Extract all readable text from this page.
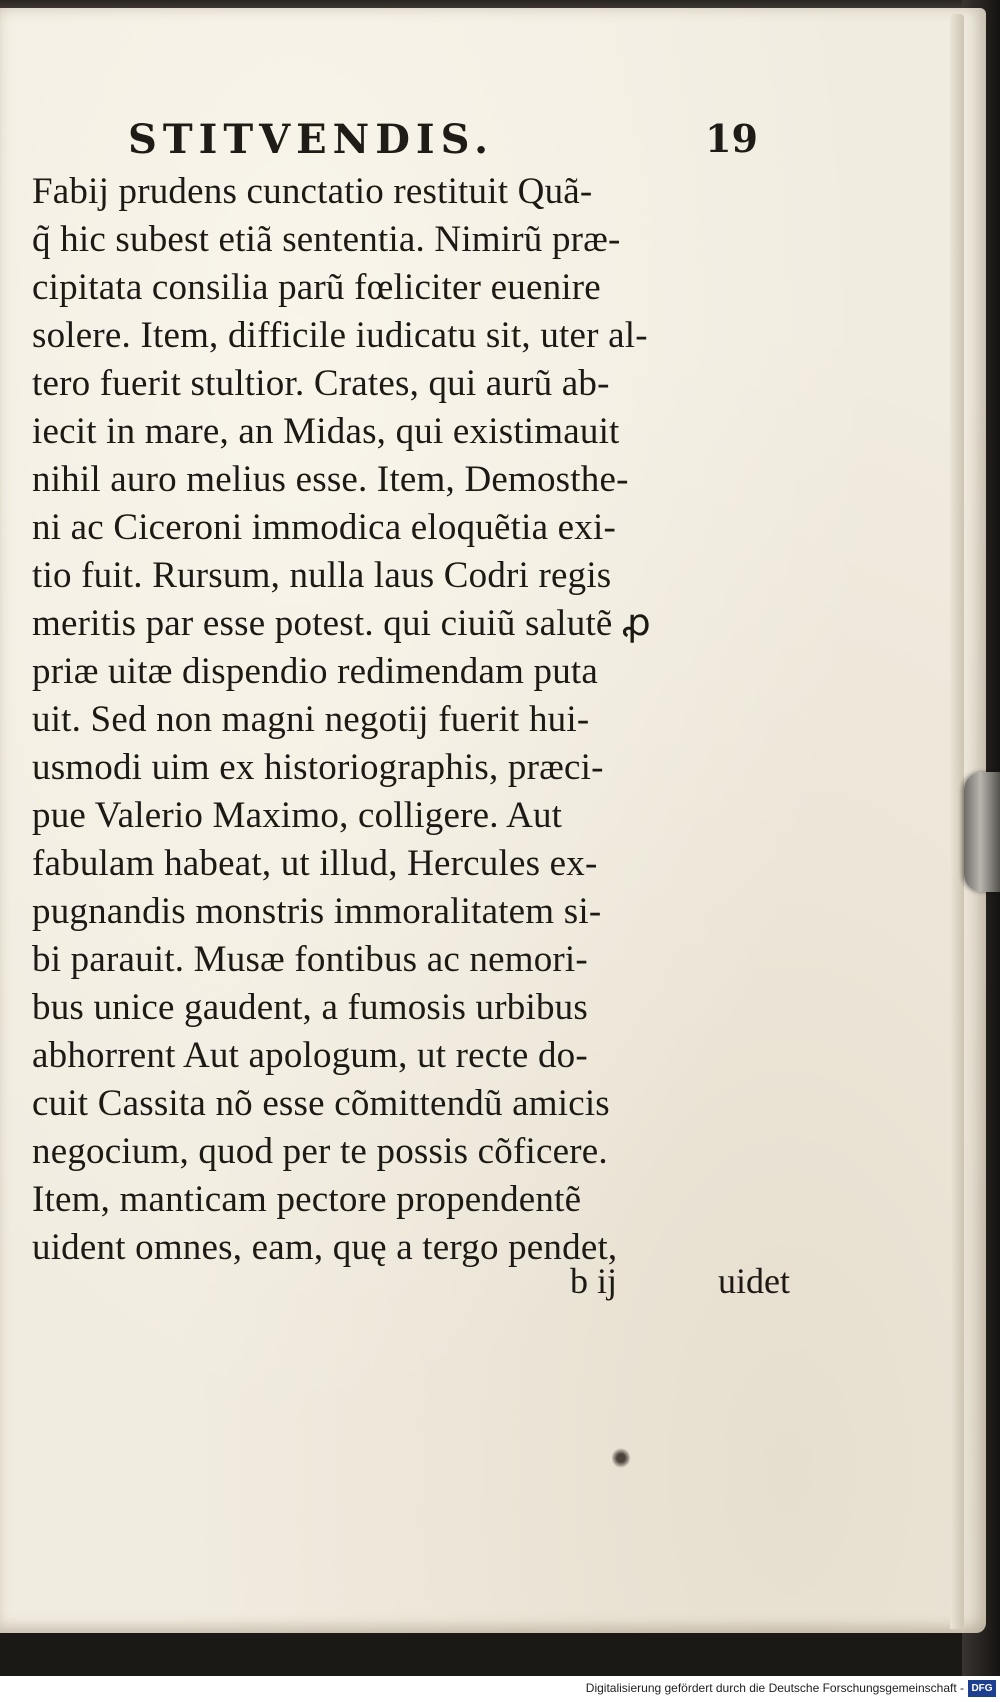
STITVENDIS.	19
Fabij prudens cunctatio restituit Quã-
q̃ hic subest etiã sententia. Nimirũ præ-
cipitata consilia parũ fœliciter euenire
solere. Item, difficile iudicatu sit, uter al-
tero fuerit stultior. Crates, qui aurũ ab-
iecit in mare, an Midas, qui existimauit
nihil auro melius esse. Item, Demosthe-
ni ac Ciceroni immodica eloquẽtia exi-
tio fuit. Rursum, nulla laus Codri regis
meritis par esse potest. qui ciuiũ salutẽ ꝓ
priæ uitæ dispendio redimendam puta
uit. Sed non magni negotij fuerit hui-
usmodi uim ex historiographis, præci-
pue Valerio Maximo, colligere. Aut
fabulam habeat, ut illud, Hercules ex-
pugnandis monstris immoralitatem si-
bi parauit. Musæ fontibus ac nemori-
bus unice gaudent, a fumosis urbibus
abhorrent Aut apologum, ut recte do-
cuit Cassita nõ esse cõmittendũ amicis
negocium, quod per te possis cõficere.
Item, manticam pectore propendentẽ
uident omnes, eam, quę a tergo pendet,
b ij	uidet
Digitalisierung gefördert durch die Deutsche Forschungsgemeinschaft - DFG
